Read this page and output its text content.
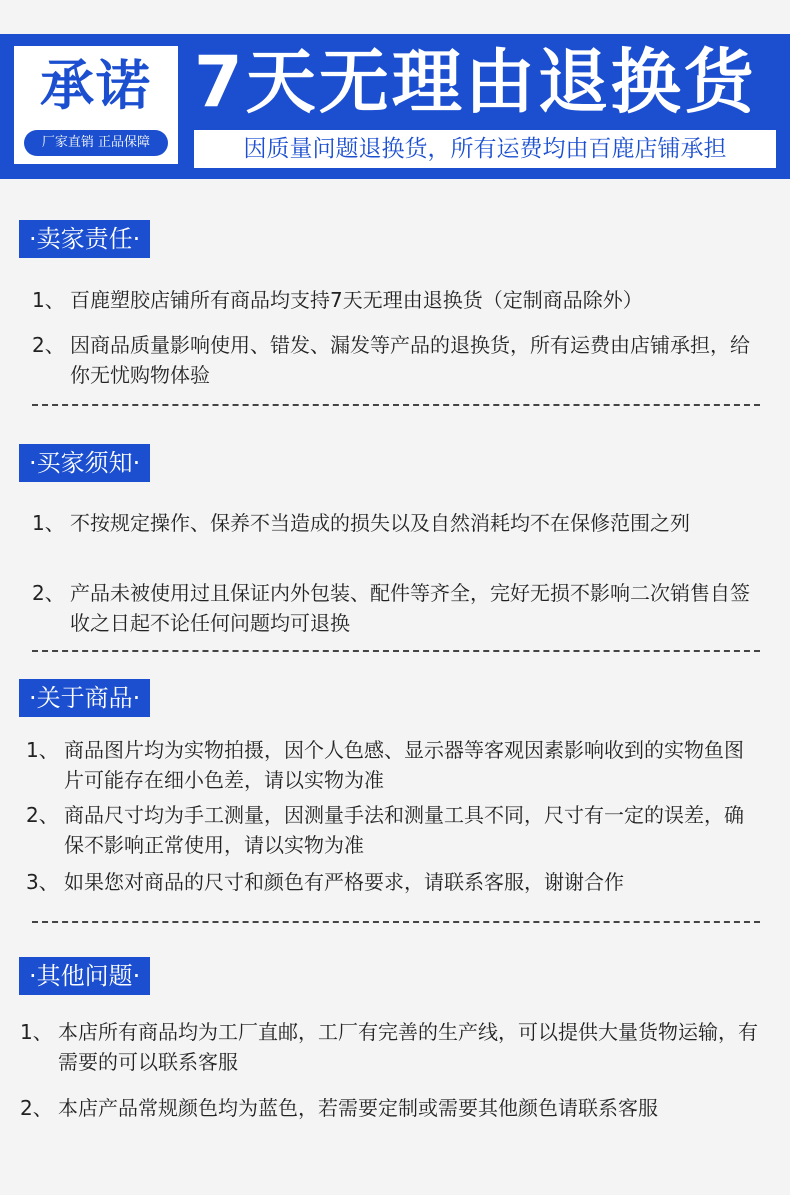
承诺
厂家直销 正品保障
7天无理由退换货
因质量问题退换货，所有运费均由百鹿店铺承担
·卖家责任·
1、 百鹿塑胶店铺所有商品均支持7天无理由退换货（定制商品除外）
2、 因商品质量影响使用、错发、漏发等产品的退换货，所有运费由店铺承担，给你无忧购物体验
·买家须知·
1、 不按规定操作、保养不当造成的损失以及自然消耗均不在保修范围之列
2、 产品未被使用过且保证内外包装、配件等齐全，完好无损不影响二次销售自签收之日起不论任何问题均可退换
·关于商品·
1、 商品图片均为实物拍摄，因个人色感、显示器等客观因素影响收到的实物鱼图片可能存在细小色差，请以实物为准
2、 商品尺寸均为手工测量，因测量手法和测量工具不同，尺寸有一定的误差，确保不影响正常使用，请以实物为准
3、 如果您对商品的尺寸和颜色有严格要求，请联系客服，谢谢合作
·其他问题·
1、 本店所有商品均为工厂直邮，工厂有完善的生产线，可以提供大量货物运输，有需要的可以联系客服
2、 本店产品常规颜色均为蓝色，若需要定制或需要其他颜色请联系客服
